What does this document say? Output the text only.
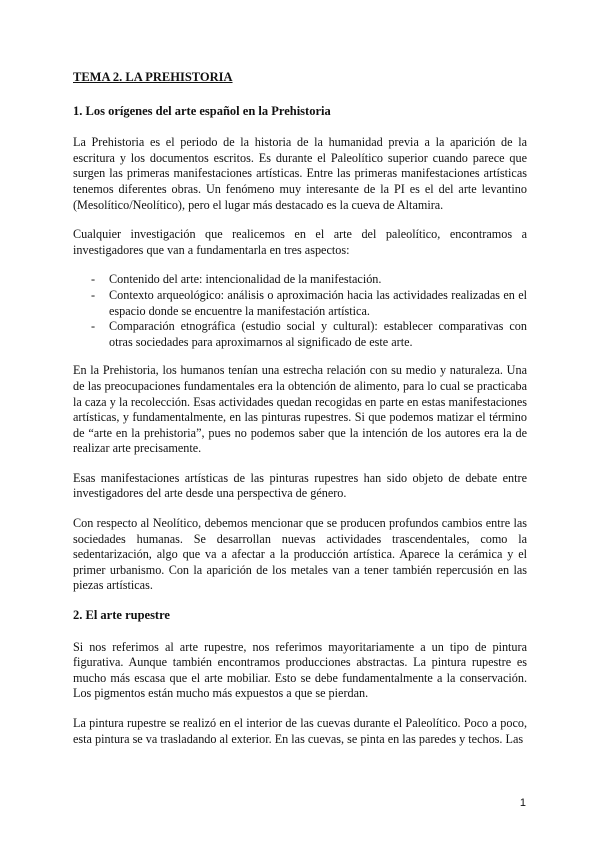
TEMA 2. LA PREHISTORIA
1. Los orígenes del arte español en la Prehistoria

La Prehistoria es el periodo de la historia de la humanidad previa a la aparición de la escritura y los documentos escritos. Es durante el Paleolítico superior cuando parece que surgen las primeras manifestaciones artísticas. Entre las primeras manifestaciones artísticas tenemos diferentes obras. Un fenómeno muy interesante de la PI es el del arte levantino (Mesolítico/Neolítico), pero el lugar más destacado es la cueva de Altamira.

Cualquier investigación que realicemos en el arte del paleolítico, encontramos a investigadores que van a fundamentarla en tres aspectos:

- Contenido del arte: intencionalidad de la manifestación.
- Contexto arqueológico: análisis o aproximación hacia las actividades realizadas en el espacio donde se encuentre la manifestación artística.
- Comparación etnográfica (estudio social y cultural): establecer comparativas con otras sociedades para aproximarnos al significado de este arte.

En la Prehistoria, los humanos tenían una estrecha relación con su medio y naturaleza. Una de las preocupaciones fundamentales era la obtención de alimento, para lo cual se practicaba la caza y la recolección. Esas actividades quedan recogidas en parte en estas manifestaciones artísticas, y fundamentalmente, en las pinturas rupestres. Si que podemos matizar el término de “arte en la prehistoria”, pues no podemos saber que la intención de los autores era la de realizar arte precisamente.

Esas manifestaciones artísticas de las pinturas rupestres han sido objeto de debate entre investigadores del arte desde una perspectiva de género.

Con respecto al Neolítico, debemos mencionar que se producen profundos cambios entre las sociedades humanas. Se desarrollan nuevas actividades trascendentales, como la sedentarización, algo que va a afectar a la producción artística. Aparece la cerámica y el primer urbanismo. Con la aparición de los metales van a tener también repercusión en las piezas artísticas.

2. El arte rupestre

Si nos referimos al arte rupestre, nos referimos mayoritariamente a un tipo de pintura figurativa. Aunque también encontramos producciones abstractas. La pintura rupestre es mucho más escasa que el arte mobiliar. Esto se debe fundamentalmente a la conservación. Los pigmentos están mucho más expuestos a que se pierdan.

La pintura rupestre se realizó en el interior de las cuevas durante el Paleolítico. Poco a poco, esta pintura se va trasladando al exterior. En las cuevas, se pinta en las paredes y techos. Las

1
